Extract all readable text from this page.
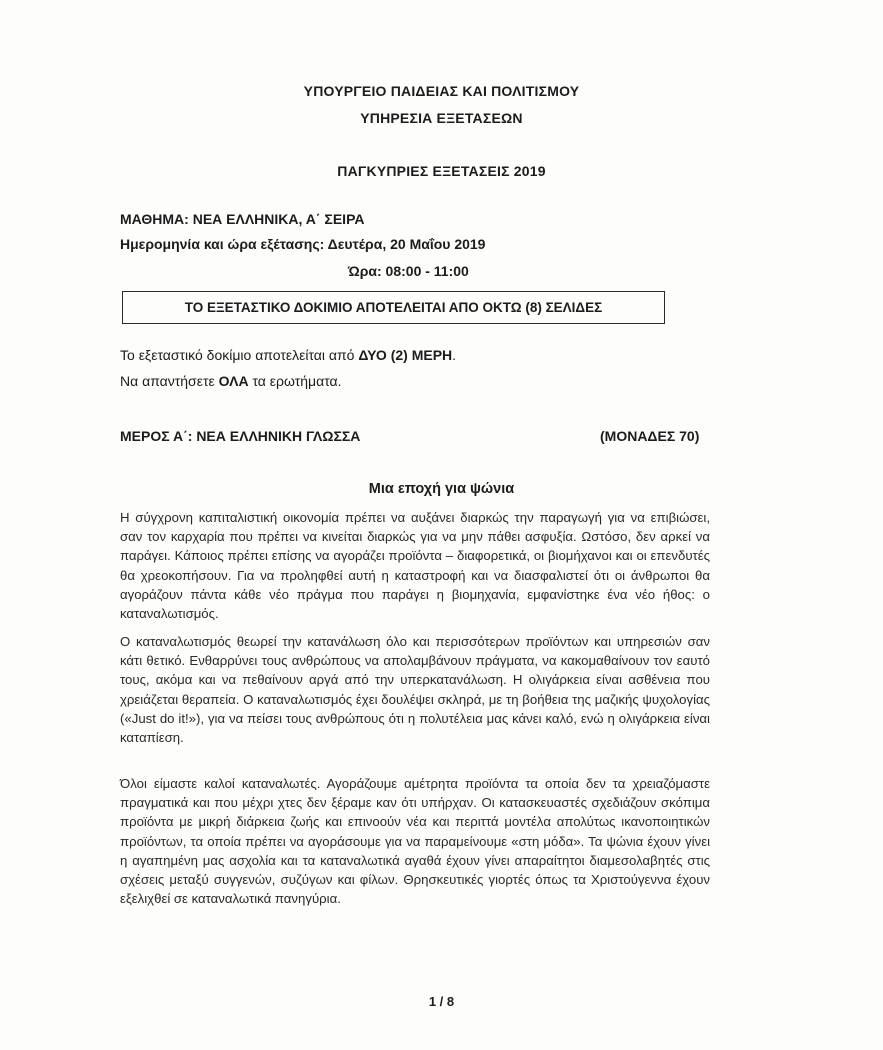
ΥΠΟΥΡΓΕΙΟ ΠΑΙΔΕΙΑΣ ΚΑΙ ΠΟΛΙΤΙΣΜΟΥ
ΥΠΗΡΕΣΙΑ ΕΞΕΤΑΣΕΩΝ
ΠΑΓΚΥΠΡΙΕΣ ΕΞΕΤΑΣΕΙΣ 2019
ΜΑΘΗΜΑ: ΝΕΑ ΕΛΛΗΝΙΚΑ, Α΄ ΣΕΙΡΑ
Ημερομηνία και ώρα εξέτασης: Δευτέρα, 20 Μαΐου 2019
Ώρα: 08:00 - 11:00
ΤΟ ΕΞΕΤΑΣΤΙΚΟ ΔΟΚΙΜΙΟ ΑΠΟΤΕΛΕΙΤΑΙ ΑΠΟ ΟΚΤΩ (8) ΣΕΛΙΔΕΣ
Το εξεταστικό δοκίμιο αποτελείται από ΔΥΟ (2) ΜΕΡΗ.
Να απαντήσετε ΟΛΑ τα ερωτήματα.
ΜΕΡΟΣ Α΄: ΝΕΑ ΕΛΛΗΝΙΚΗ ΓΛΩΣΣΑ	(ΜΟΝΑΔΕΣ 70)
Μια εποχή για ψώνια

Η σύγχρονη καπιταλιστική οικονομία πρέπει να αυξάνει διαρκώς την παραγωγή για να επιβιώσει, σαν τον καρχαρία που πρέπει να κινείται διαρκώς για να μην πάθει ασφυξία. Ωστόσο, δεν αρκεί να παράγει. Κάποιος πρέπει επίσης να αγοράζει προϊόντα – διαφορετικά, οι βιομήχανοι και οι επενδυτές θα χρεοκοπήσουν. Για να προληφθεί αυτή η καταστροφή και να διασφαλιστεί ότι οι άνθρωποι θα αγοράζουν πάντα κάθε νέο πράγμα που παράγει η βιομηχανία, εμφανίστηκε ένα νέο ήθος: ο καταναλωτισμός.

Ο καταναλωτισμός θεωρεί την κατανάλωση όλο και περισσότερων προϊόντων και υπηρεσιών σαν κάτι θετικό. Ενθαρρύνει τους ανθρώπους να απολαμβάνουν πράγματα, να κακομαθαίνουν τον εαυτό τους, ακόμα και να πεθαίνουν αργά από την υπερκατανάλωση. Η ολιγάρκεια είναι ασθένεια που χρειάζεται θεραπεία. Ο καταναλωτισμός έχει δουλέψει σκληρά, με τη βοήθεια της μαζικής ψυχολογίας («Just do it!»), για να πείσει τους ανθρώπους ότι η πολυτέλεια μας κάνει καλό, ενώ η ολιγάρκεια είναι καταπίεση.

Όλοι είμαστε καλοί καταναλωτές. Αγοράζουμε αμέτρητα προϊόντα τα οποία δεν τα χρειαζόμαστε πραγματικά και που μέχρι χτες δεν ξέραμε καν ότι υπήρχαν. Οι κατασκευαστές σχεδιάζουν σκόπιμα προϊόντα με μικρή διάρκεια ζωής και επινοούν νέα και περιττά μοντέλα απολύτως ικανοποιητικών προϊόντων, τα οποία πρέπει να αγοράσουμε για να παραμείνουμε «στη μόδα». Τα ψώνια έχουν γίνει η αγαπημένη μας ασχολία και τα καταναλωτικά αγαθά έχουν γίνει απαραίτητοι διαμεσολαβητές στις σχέσεις μεταξύ συγγενών, συζύγων και φίλων. Θρησκευτικές γιορτές όπως τα Χριστούγεννα έχουν εξελιχθεί σε καταναλωτικά πανηγύρια.

1 / 8
